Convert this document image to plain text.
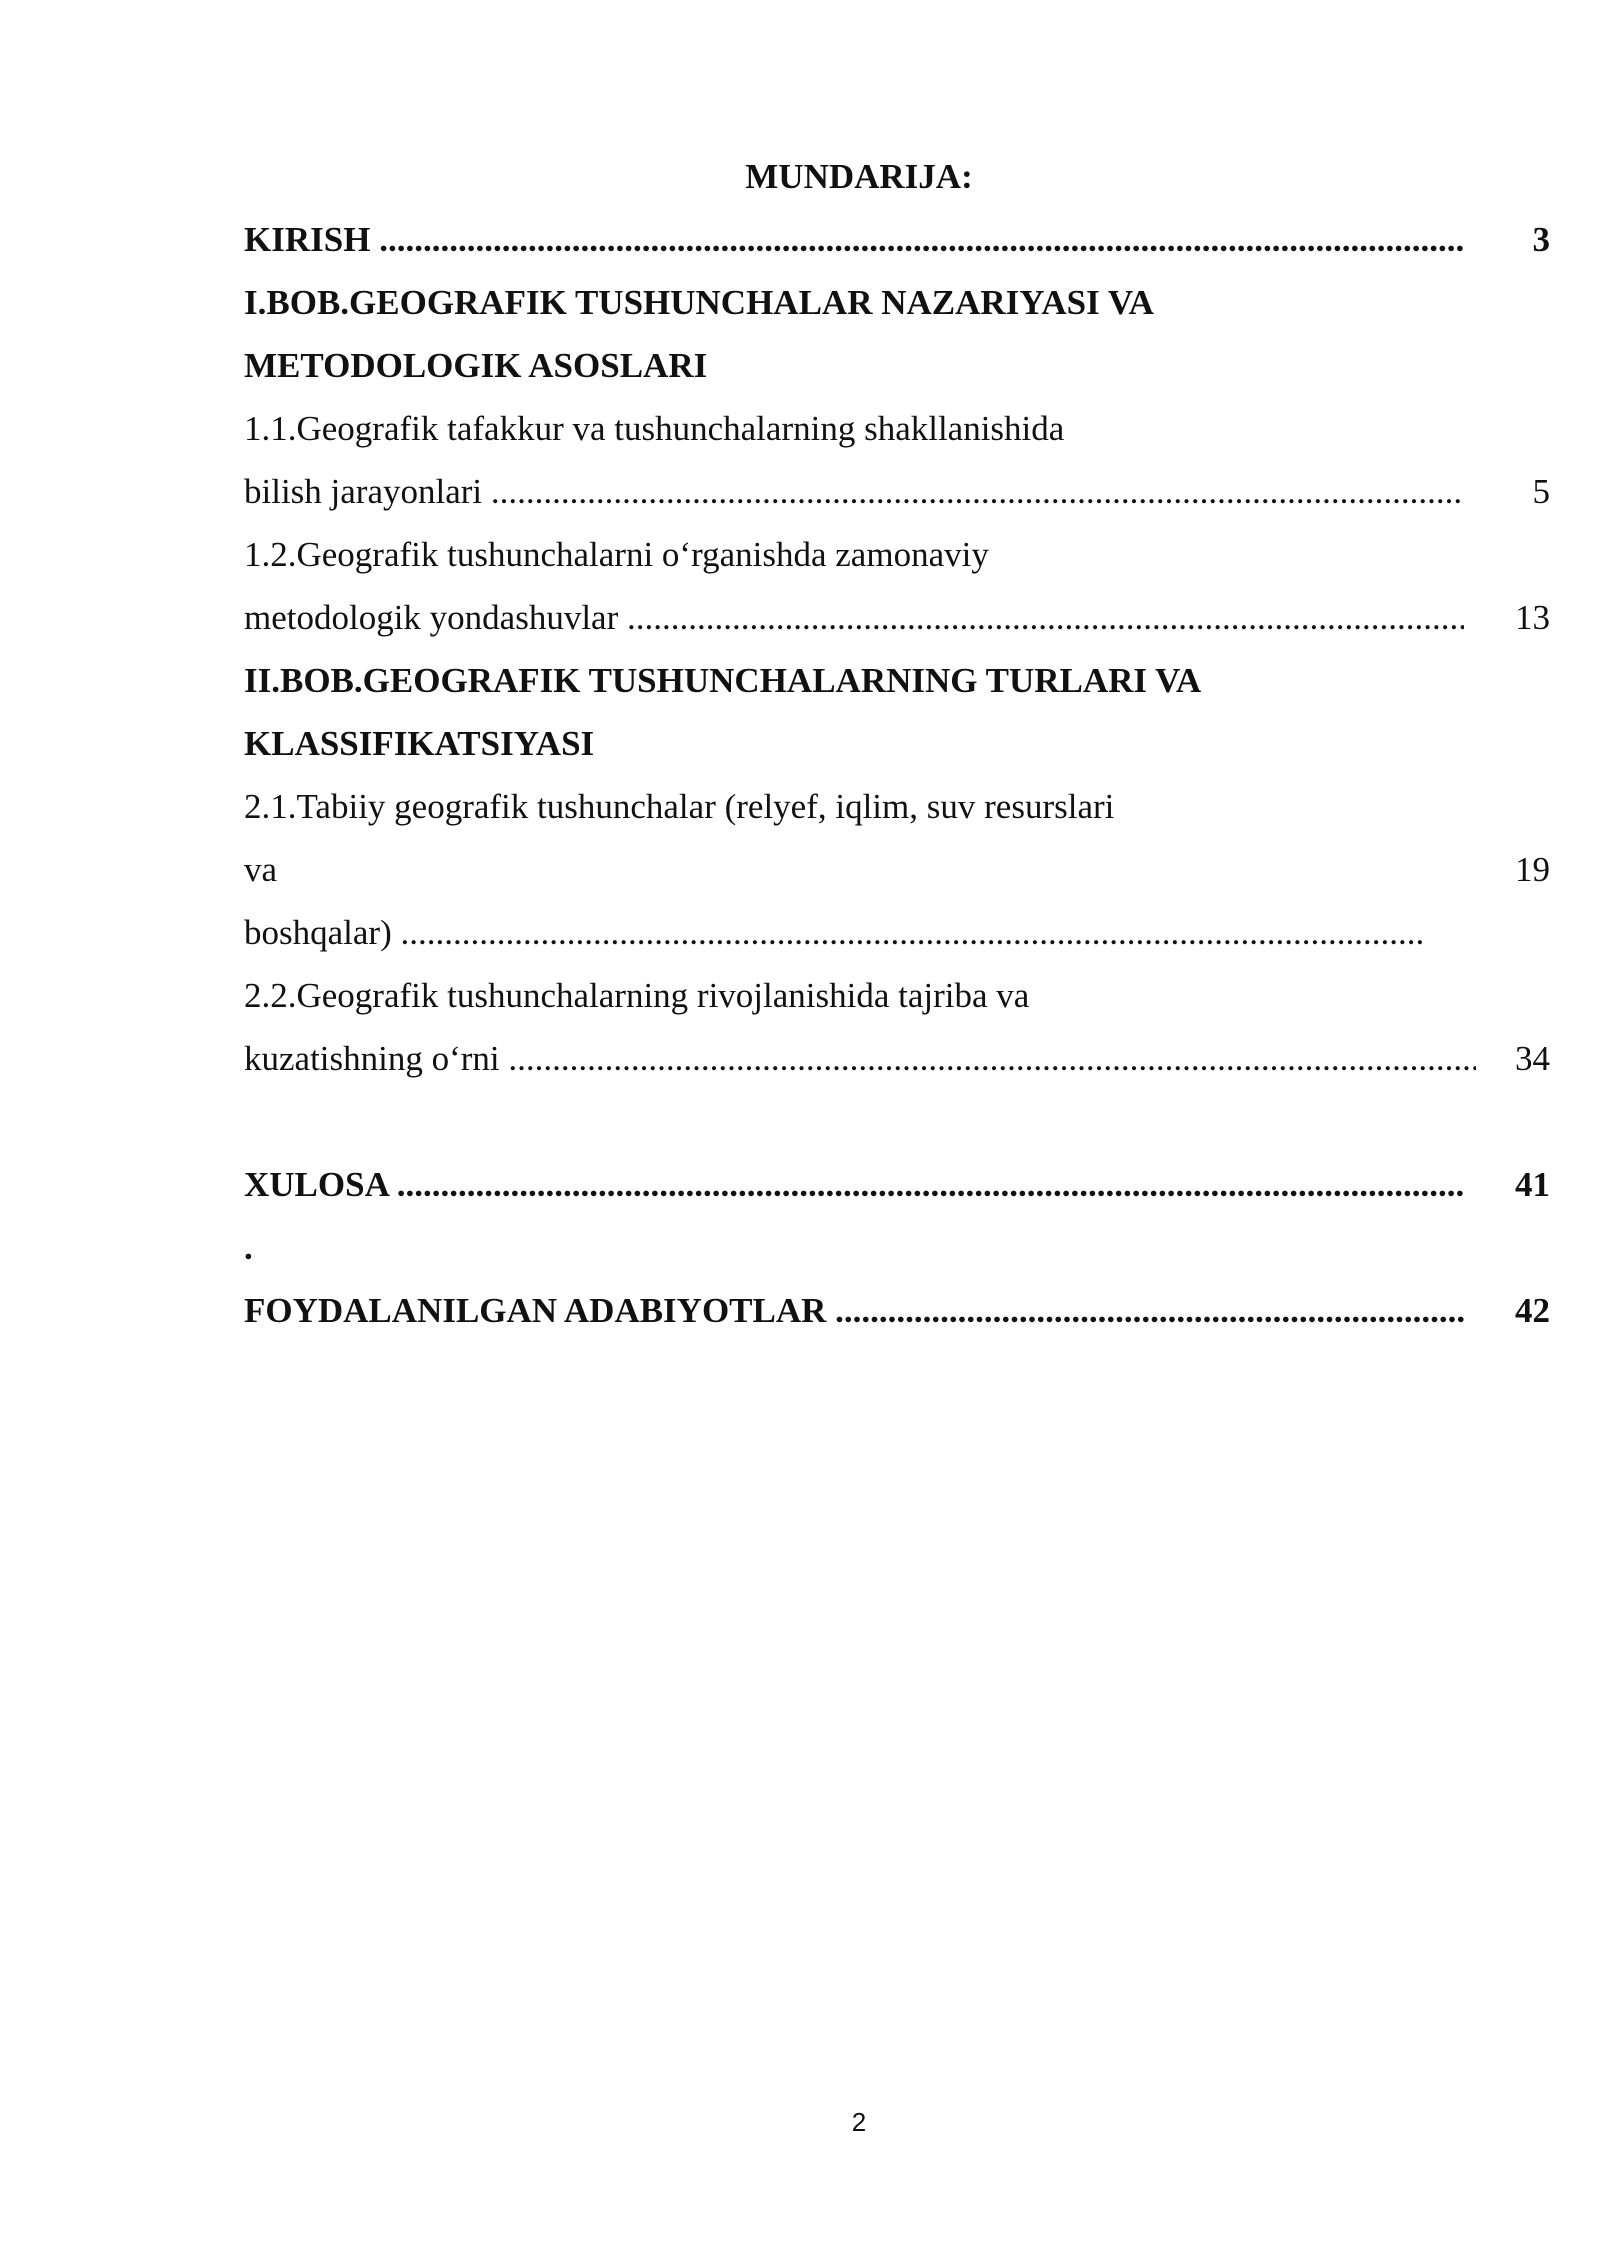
MUNDARIJA:
KIRISH .....	3
I.BOB.GEOGRAFIK TUSHUNCHALAR NAZARIYASI VA
METODOLOGIK ASOSLARI
1.1.Geografik tafakkur va tushunchalarning shakllanishida
bilish jarayonlari .....	5
1.2.Geografik tushunchalarni o‘rganishda zamonaviy
metodologik yondashuvlar .....	13
II.BOB.GEOGRAFIK TUSHUNCHALARNING TURLARI VA
KLASSIFIKATSIYASI
2.1.Tabiiy geografik tushunchalar (relyef, iqlim, suv resurslari
va	19
boshqalar) .....
2.2.Geografik tushunchalarning rivojlanishida tajriba va
kuzatishning o‘rni .....	34
XULOSA .....	41
.
FOYDALANILGAN ADABIYOTLAR .....	42
2
